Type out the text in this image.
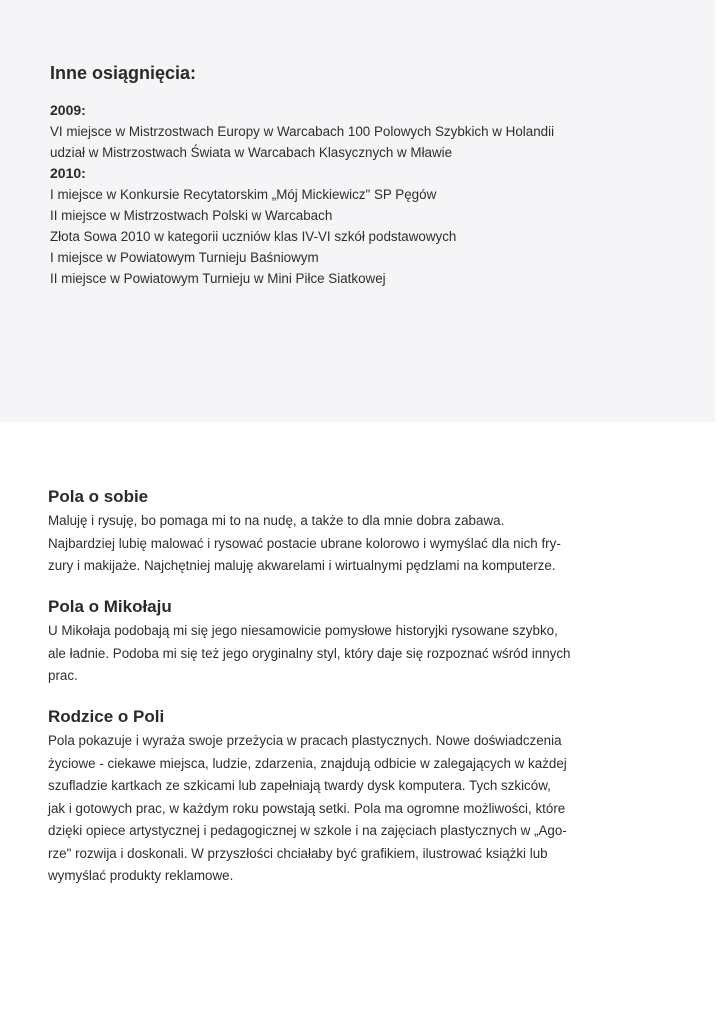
Inne osiągnięcia:

2009:

VI miejsce w Mistrzostwach Europy w Warcabach 100 Polowych Szybkich w Holandii

udział w Mistrzostwach Świata w Warcabach Klasycznych w Mławie

2010:

I miejsce w Konkursie Recytatorskim „Mój Mickiewicz" SP Pęgów

II miejsce w Mistrzostwach Polski w Warcabach

Złota Sowa 2010 w kategorii uczniów klas IV-VI szkół podstawowych

I miejsce w Powiatowym Turnieju Baśniowym

II miejsce w Powiatowym Turnieju w Mini Piłce Siatkowej

Pola o sobie

Maluję i rysuję, bo pomaga mi to na nudę, a także to dla mnie dobra zabawa.

Najbardziej lubię malować i rysować postacie ubrane kolorowo i wymyślać dla nich fry-

zury i makijaże. Najchętniej maluję akwarelami i wirtualnymi pędzlami na komputerze.

Pola o Mikołaju

U Mikołaja podobają mi się jego niesamowicie pomysłowe historyjki rysowane szybko,

ale ładnie. Podoba mi się też jego oryginalny styl, który daje się rozpoznać wśród innych

prac.

Rodzice o Poli

Pola pokazuje i wyraża swoje przeżycia w pracach plastycznych. Nowe doświadczenia

życiowe - ciekawe miejsca, ludzie, zdarzenia, znajdują odbicie w zalegających w każdej

szufladzie kartkach ze szkicami lub zapełniają twardy dysk komputera. Tych szkiców,

jak i gotowych prac, w każdym roku powstają setki. Pola ma ogromne możliwości, które

dzięki opiece artystycznej i pedagogicznej w szkole i na zajęciach plastycznych w „Ago-

rze" rozwija i doskonali. W przyszłości chciałaby być grafikiem, ilustrować książki lub

wymyślać produkty reklamowe.
